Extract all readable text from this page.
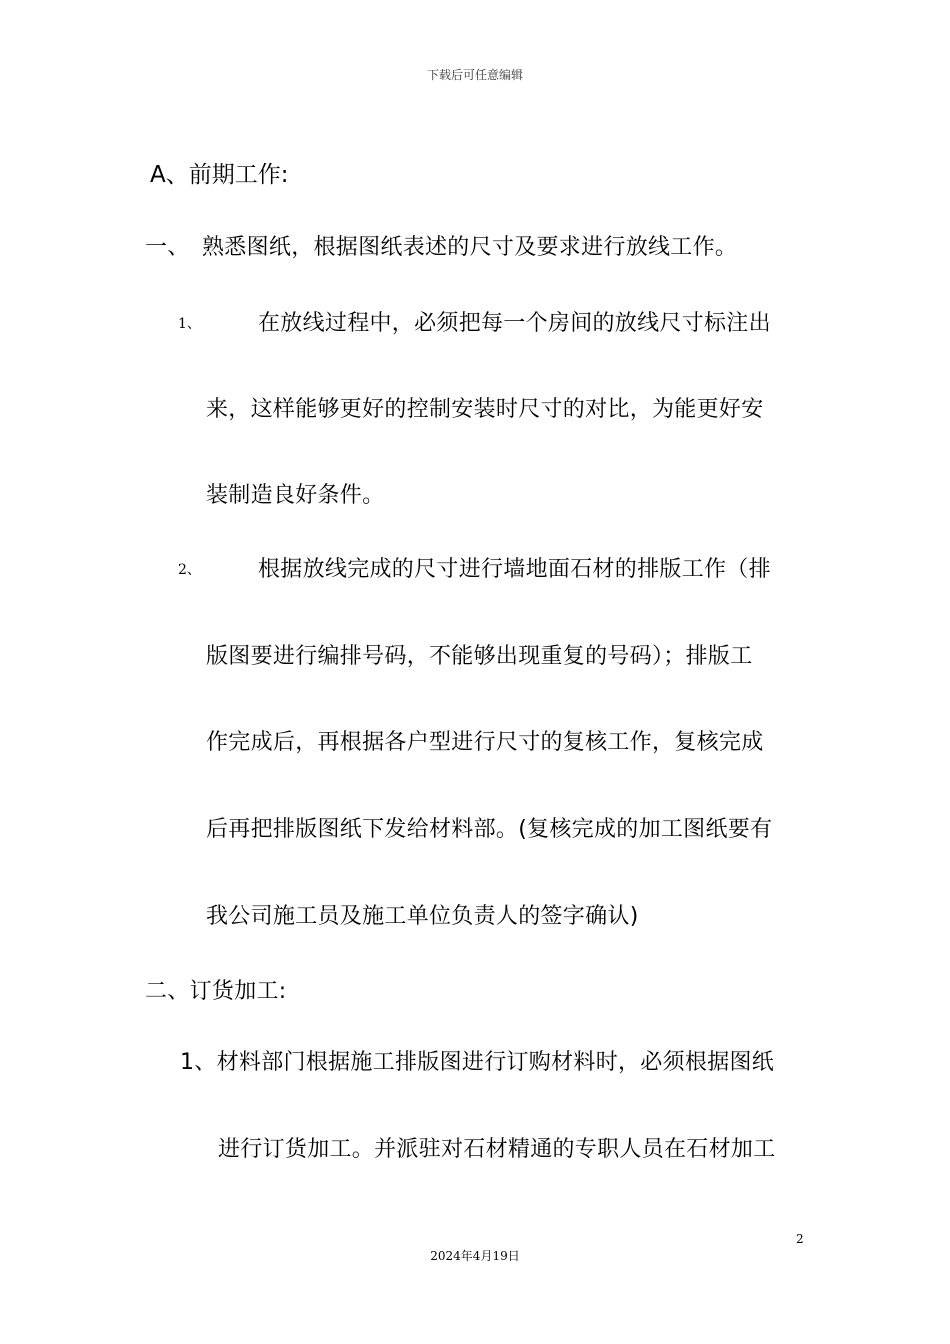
下载后可任意编辑
A、前期工作:
一、 熟悉图纸，根据图纸表述的尺寸及要求进行放线工作。
1、	在放线过程中，必须把每一个房间的放线尺寸标注出
来，这样能够更好的控制安装时尺寸的对比，为能更好安
装制造良好条件。
2、	根据放线完成的尺寸进行墙地面石材的排版工作（排
版图要进行编排号码，不能够出现重复的号码）；排版工
作完成后，再根据各户型进行尺寸的复核工作，复核完成
后再把排版图纸下发给材料部。(复核完成的加工图纸要有
我公司施工员及施工单位负责人的签字确认)
二、订货加工:
1、材料部门根据施工排版图进行订购材料时，必须根据图纸
进行订货加工。并派驻对石材精通的专职人员在石材加工
2
2024年4月19日
